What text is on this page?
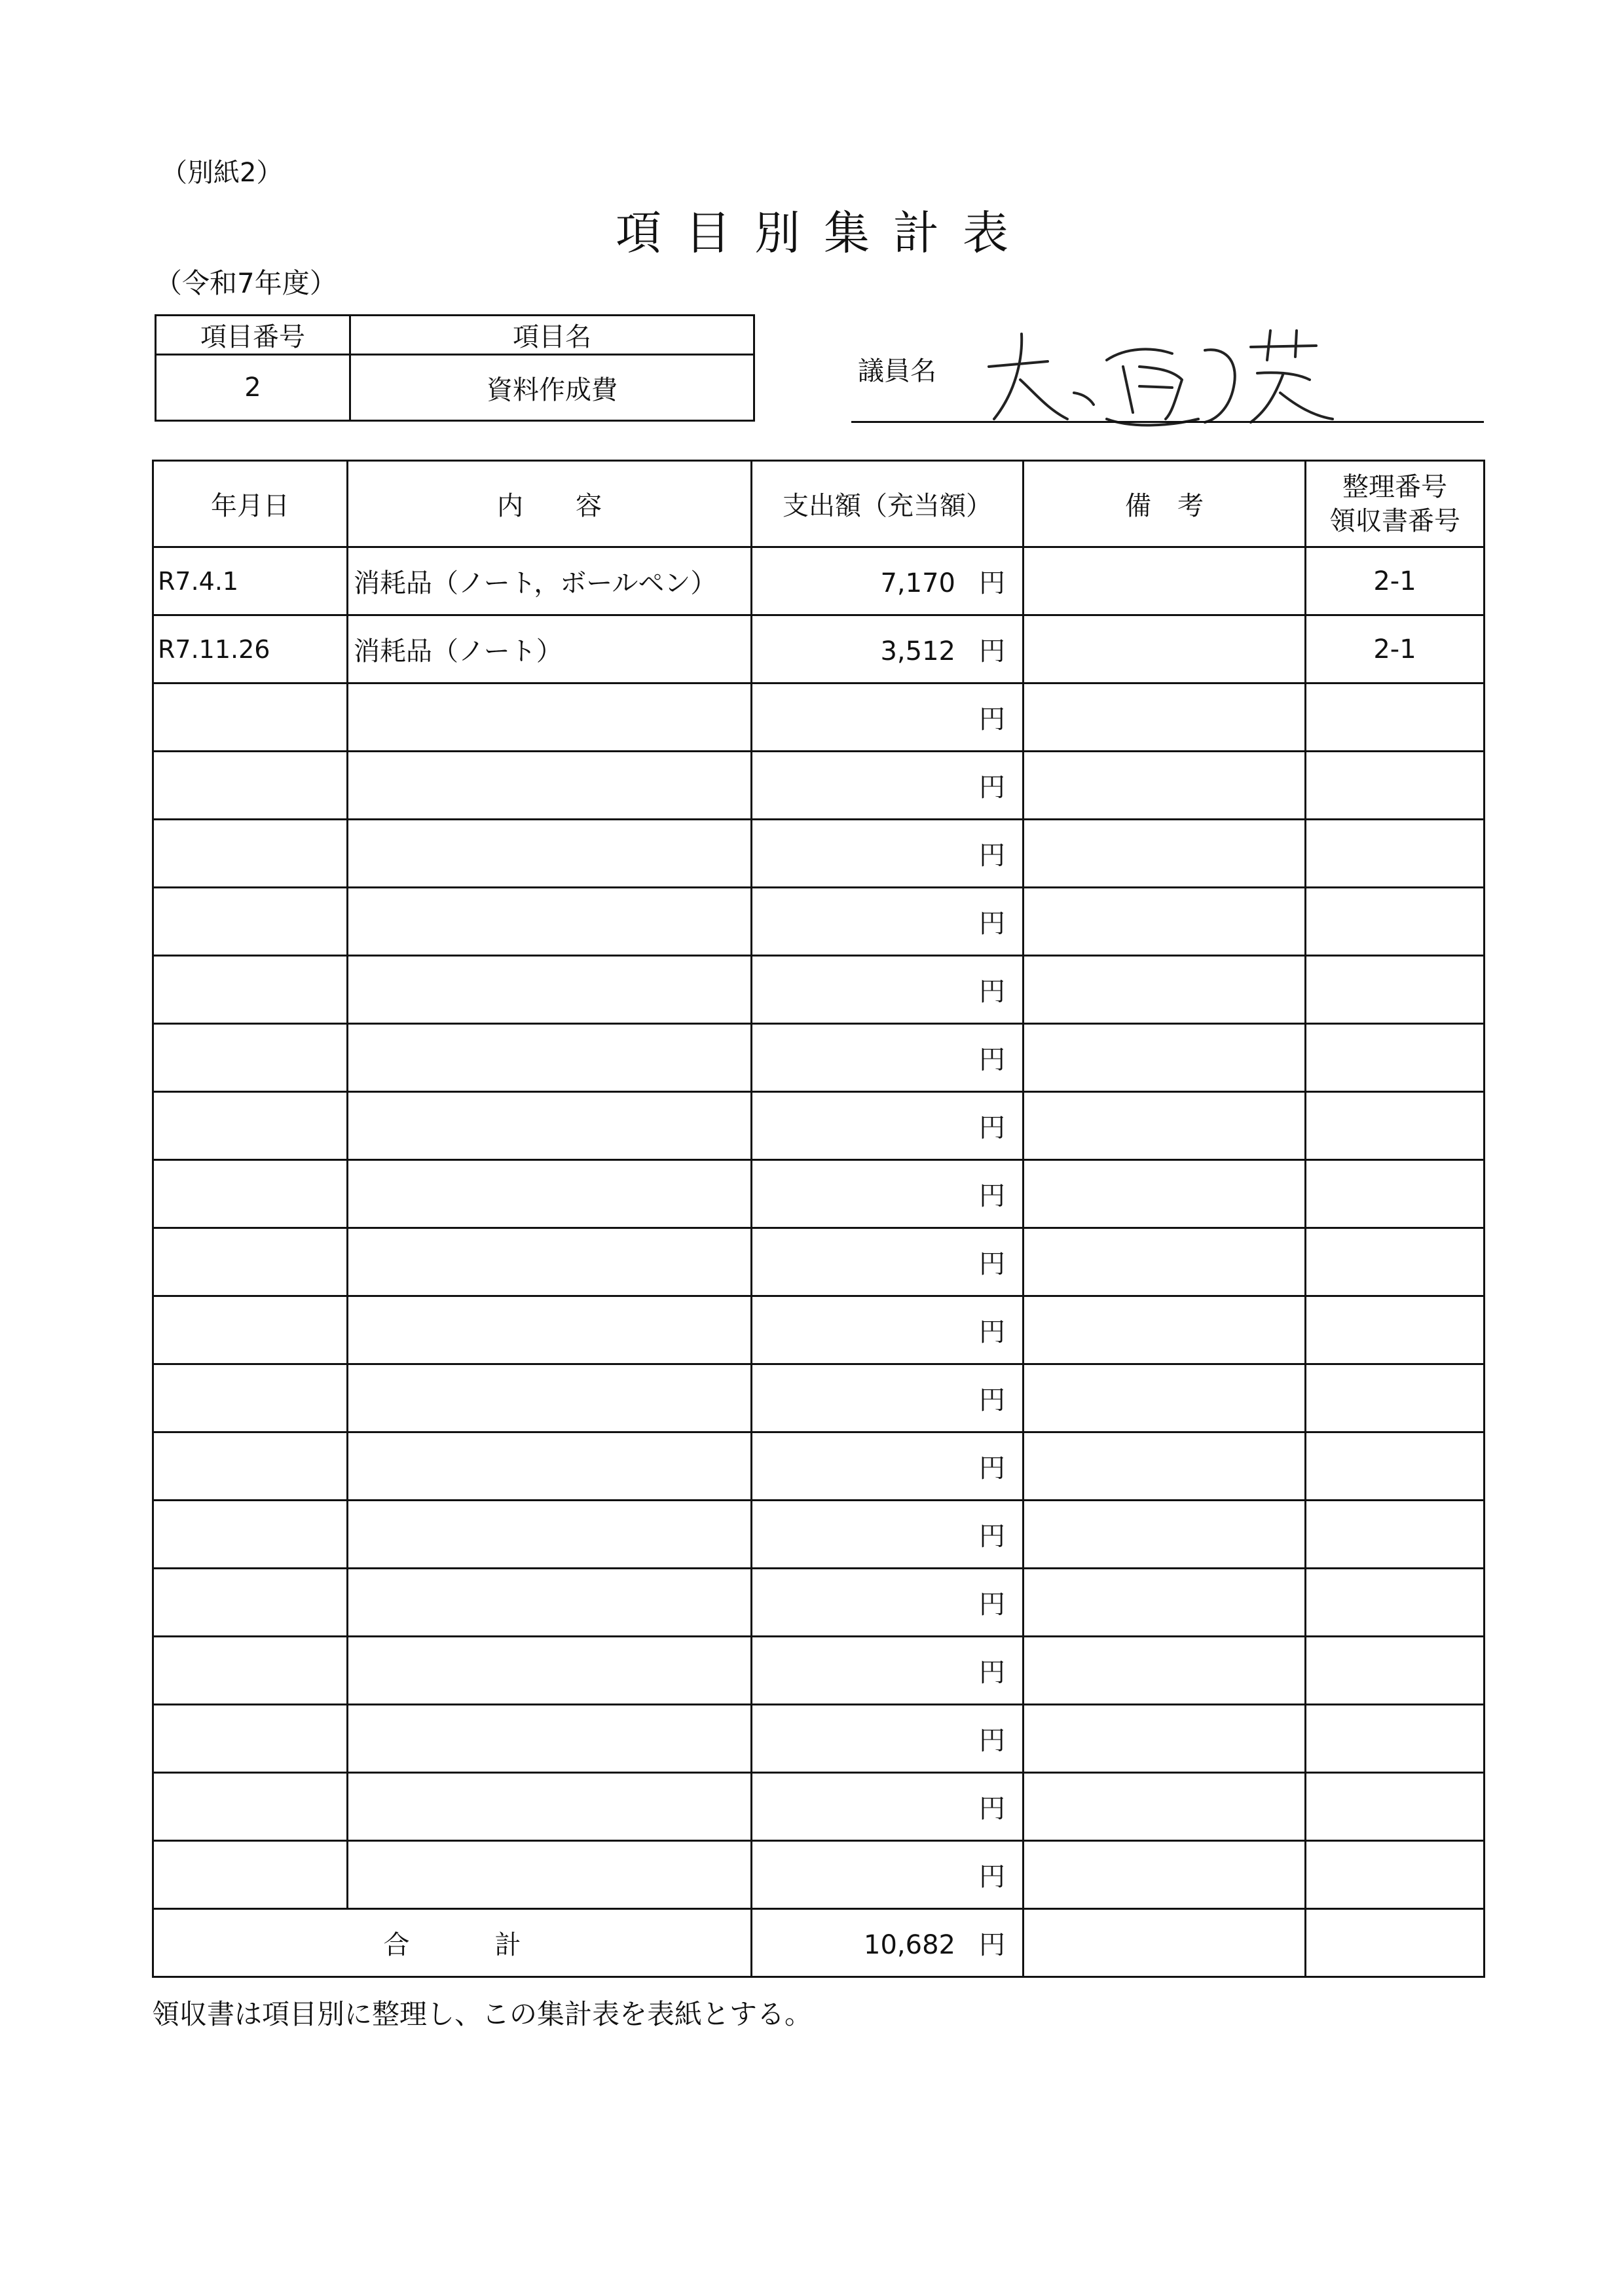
（別紙2）
項目別集計表
（令和7年度）
項目番号	項目名
2	資料作成費
議員名
年月日	内　　容	支出額（充当額）	備　考	整理番号
領収書番号

R7.4.1	消耗品（ノート，ボールペン）	7,170 円		2-1
R7.11.26	消耗品（ノート）	3,512 円		2-1
		円		
		円		
		円		
		円		
		円		
		円		
		円		
		円		
		円		
		円		
		円		
		円		
		円		
		円		
		円		
		円		
		円		
		円		
合計		10,682 円		
領収書は項目別に整理し、この集計表を表紙とする。
